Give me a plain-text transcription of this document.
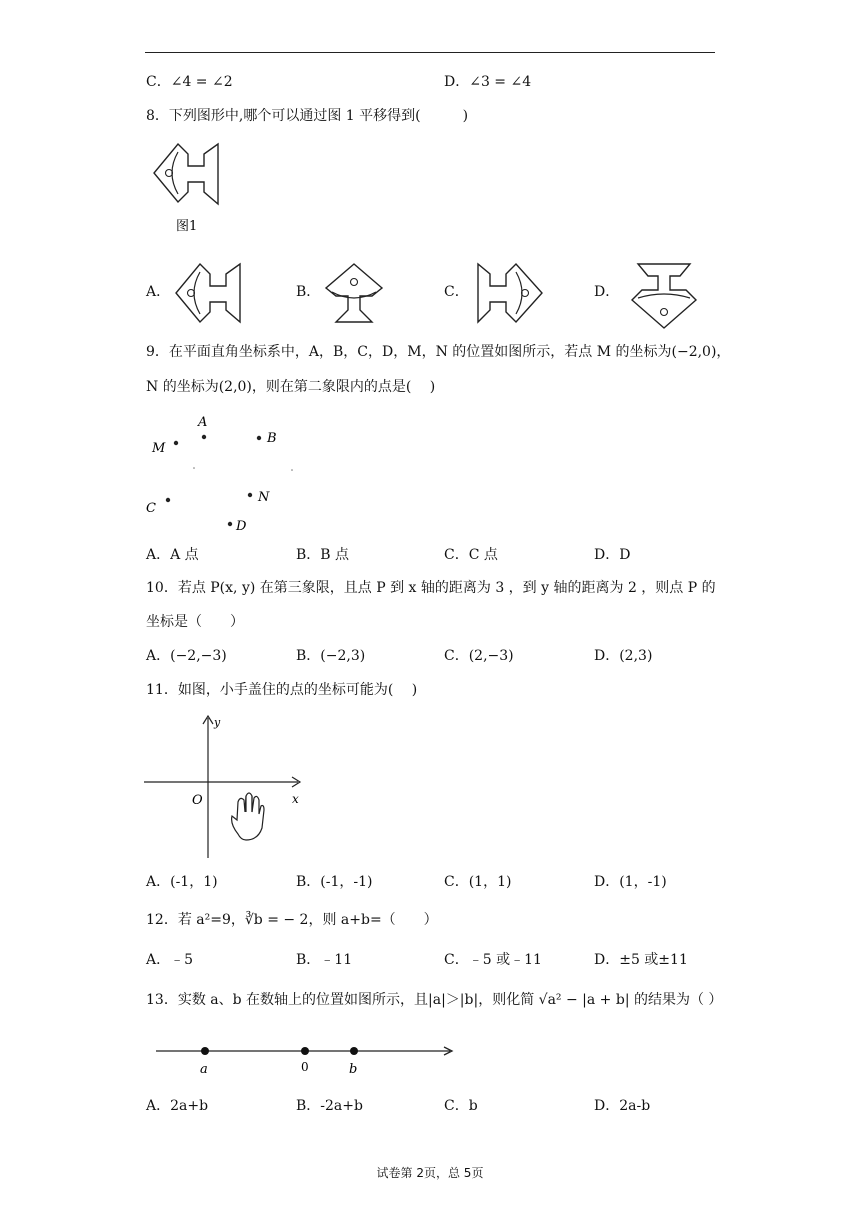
C．∠4 = ∠2	D．∠3 = ∠4
8．下列图形中,哪个可以通过图 1 平移得到(　　　)
图1
A．	B．	C．	D．
9．在平面直角坐标系中，A，B，C，D，M，N 的位置如图所示，若点 M 的坐标为(−2,0)，
N 的坐标为(2,0)，则在第二象限内的点是(　 )
M
A
B
C
N
D
A．A 点	B．B 点	C．C 点	D．D
10．若点 P(x, y) 在第三象限，且点 P 到 x 轴的距离为 3 ，到 y 轴的距离为 2 ，则点 P 的
坐标是（　　）
A．(−2,−3)	B．(−2,3)	C．(2,−3)	D．(2,3)
11．如图，小手盖住的点的坐标可能为(　 )
y
x
O
A．(-1，1)	B．(-1，-1)	C．(1，1)	D．(1，-1)
12．若 a²=9，∛b = − 2，则 a+b=（　　）
A．﹣5	B．﹣11	C．﹣5 或﹣11	D．±5 或±11
13．实数 a、b 在数轴上的位置如图所示，且|a|＞|b|，则化简 √a² − |a + b| 的结果为（ ）
a	0	b
A．2a+b	B．-2a+b	C．b	D．2a-b
试卷第 2页，总 5页
